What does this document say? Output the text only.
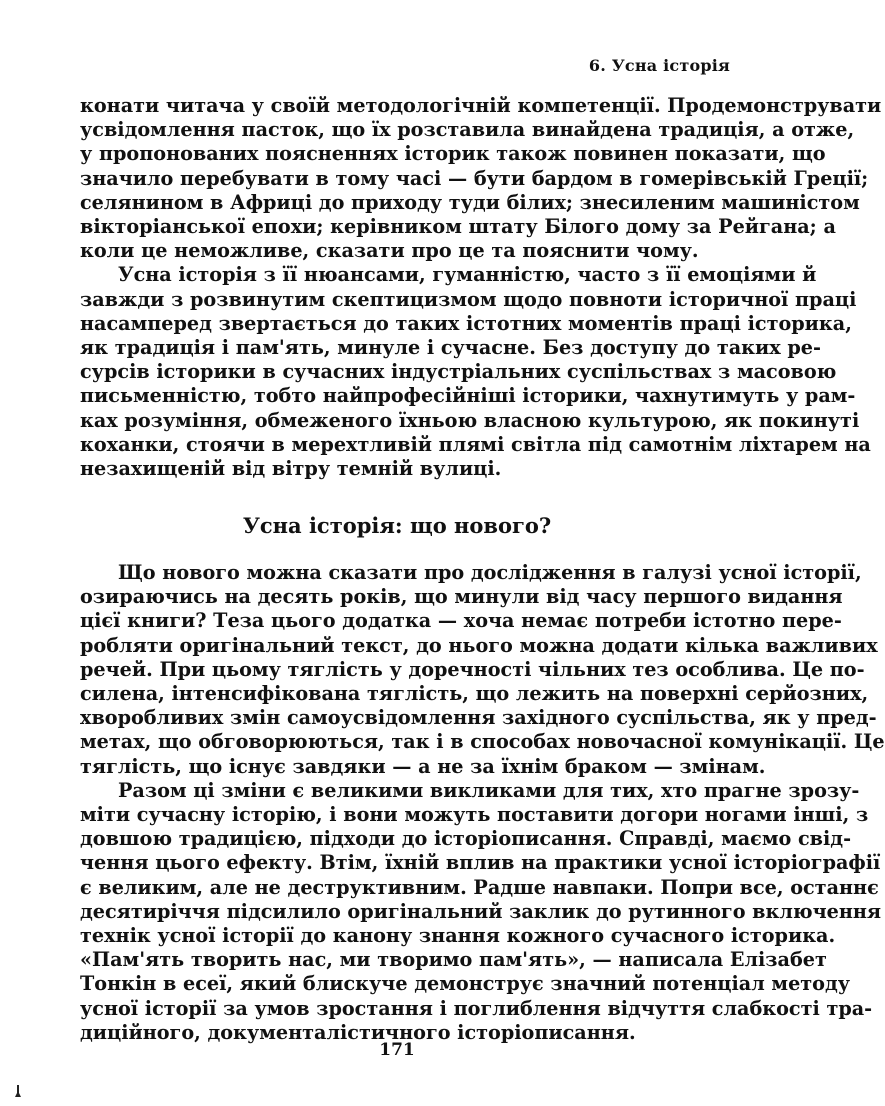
6. Усна історія
конати читача у своїй методологічній компетенції. Продемонструвати
усвідомлення пасток, що їх розставила винайдена традиція, а отже,
у пропонованих поясненнях історик також повинен показати, що
значило перебувати в тому часі — бути бардом в гомерівській Греції;
селянином в Африці до приходу туди білих; знесиленим машиністом
вікторіанської епохи; керівником штату Білого дому за Рейгана; а
коли це неможливе, сказати про це та пояснити чому.
Усна історія з її нюансами, гуманністю, часто з її емоціями й
завжди з розвинутим скептицизмом щодо повноти історичної праці
насамперед звертається до таких істотних моментів праці історика,
як традиція і пам'ять, минуле і сучасне. Без доступу до таких ре-
сурсів історики в сучасних індустріальних суспільствах з масовою
письменністю, тобто найпрофесійніші історики, чахнутимуть у рам-
ках розуміння, обмеженого їхньою власною культурою, як покинуті
коханки, стоячи в мерехтливій плямі світла під самотнім ліхтарем на
незахищеній від вітру темній вулиці.
Усна історія: що нового?
Що нового можна сказати про дослідження в галузі усної історії,
озираючись на десять років, що минули від часу першого видання
цієї книги? Теза цього додатка — хоча немає потреби істотно пере-
робляти оригінальний текст, до нього можна додати кілька важливих
речей. При цьому тяглість у доречності чільних тез особлива. Це по-
силена, інтенсифікована тяглість, що лежить на поверхні серйозних,
хворобливих змін самоусвідомлення західного суспільства, як у пред-
метах, що обговорюються, так і в способах новочасної комунікації. Це
тяглість, що існує завдяки — а не за їхнім браком — змінам.
Разом ці зміни є великими викликами для тих, хто прагне зрозу-
міти сучасну історію, і вони можуть поставити догори ногами інші, з
довшою традицією, підходи до історіописання. Справді, маємо свід-
чення цього ефекту. Втім, їхній вплив на практики усної історіографії
є великим, але не деструктивним. Радше навпаки. Попри все, останнє
десятиріччя підсилило оригінальний заклик до рутинного включення
технік усної історії до канону знання кожного сучасного історика.
«Пам'ять творить нас, ми творимо пам'ять», — написала Елізабет
Тонкін в есеї, який блискуче демонструє значний потенціал методу
усної історії за умов зростання і поглиблення відчуття слабкості тра-
диційного, документалістичного історіописання.
171
